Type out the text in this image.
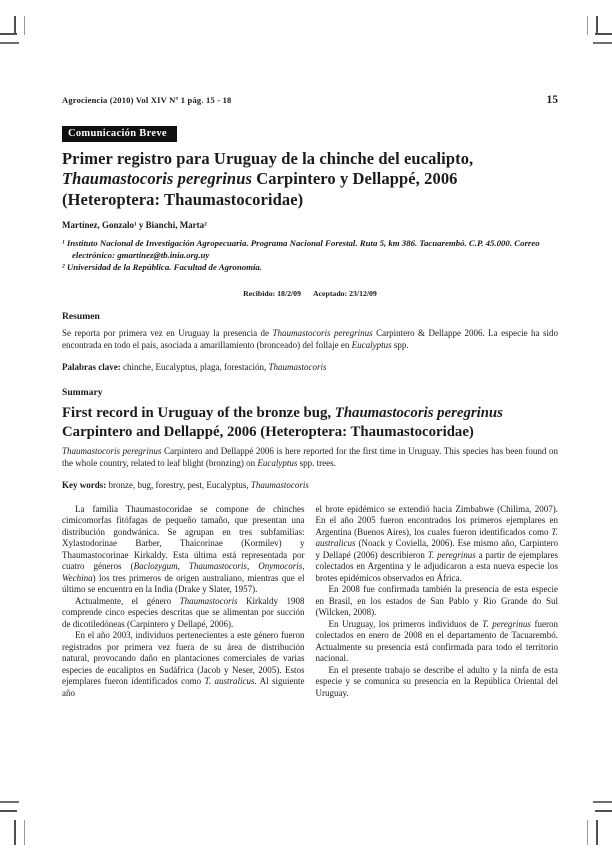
Agrociencia (2010) Vol XIV Nº 1 pág. 15 - 18	15
Comunicación Breve
Primer registro para Uruguay de la chinche del eucalipto, Thaumastocoris peregrinus Carpintero y Dellappé, 2006 (Heteroptera: Thaumastocoridae)
Martínez, Gonzalo¹ y Bianchi, Marta²
¹ Instituto Nacional de Investigación Agropecuaria. Programa Nacional Forestal. Ruta 5, km 386. Tacuarembó. C.P. 45.000. Correo electrónico: gmartinez@tb.inia.org.uy
² Universidad de la República. Facultad de Agronomía.
Recibido: 18/2/09 Aceptado: 23/12/09
Resumen
Se reporta por primera vez en Uruguay la presencia de Thaumastocoris peregrinus Carpintero & Dellappe 2006. La especie ha sido encontrada en todo el país, asociada a amarillamiento (bronceado) del follaje en Eucalyptus spp.
Palabras clave: chinche, Eucalyptus, plaga, forestación, Thaumastocoris
Summary
First record in Uruguay of the bronze bug, Thaumastocoris peregrinus Carpintero and Dellappé, 2006 (Heteroptera: Thaumastocoridae)
Thaumastocoris peregrinus Carpintero and Dellappé 2006 is here reported for the first time in Uruguay. This species has been found on the whole country, related to leaf blight (bronzing) on Eucalyptus spp. trees.
Key words: bronze, bug, forestry, pest, Eucalyptus, Thaumastocoris

La familia Thaumastocoridae se compone de chinches cimicomorfas fitófagas de pequeño tamaño, que presentan una distribución gondwánica. Se agrupan en tres subfamilias: Xylastodorinae Barber, Thaicorinae (Kormilev) y Thaumastocorinae Kirkaldy. Esta última está representada por cuatro géneros (Baclozygum, Thaumastocoris, Onymocoris, Wechina) los tres primeros de origen australiano, mientras que el último se encuentra en la India (Drake y Slater, 1957).

Actualmente, el género Thaumastocoris Kirkaldy 1908 comprende cinco especies descritas que se alimentan por succión de dicotiledóneas (Carpintero y Dellapé, 2006).

En el año 2003, individuos pertenecientes a este género fueron registrados por primera vez fuera de su área de distribución natural, provocando daño en plantaciones comerciales de varias especies de eucaliptos en Sudáfrica (Jacob y Neser, 2005). Estos ejemplares fueron identificados como T. australicus. Al siguiente año

el brote epidémico se extendió hacia Zimbabwe (Chilima, 2007). En el año 2005 fueron encontrados los primeros ejemplares en Argentina (Buenos Aires), los cuales fueron identificados como T. australicus (Noack y Coviella, 2006). Ese mismo año, Carpintero y Dellapé (2006) describieron T. peregrinus a partir de ejemplares colectados en Argentina y le adjudicaron a esta nueva especie los brotes epidémicos observados en África.

En 2008 fue confirmada también la presencia de esta especie en Brasil, en los estados de San Pablo y Rio Grande do Sul (Wilcken, 2008).

En Uruguay, los primeros individuos de T. peregrinus fueron colectados en enero de 2008 en el departamento de Tacuarembó. Actualmente su presencia está confirmada para todo el territorio nacional.

En el presente trabajo se describe el adulto y la ninfa de esta especie y se comunica su presencia en la República Oriental del Uruguay.
